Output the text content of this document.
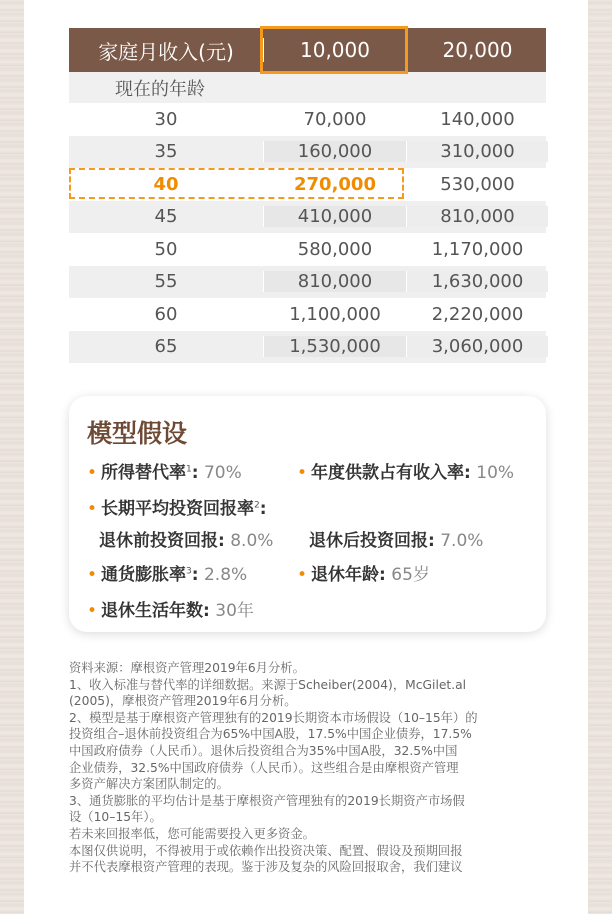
家庭月收入(元)	10,000	20,000
现在的年龄
30	70,000	140,000
35	160,000	310,000
40	270,000	530,000
45	410,000	810,000
50	580,000	1,170,000
55	810,000	1,630,000
60	1,100,000	2,220,000
65	1,530,000	3,060,000
模型假设
• 所得替代率$^1$: 70%	• 年度供款占有收入率: 10%
• 长期平均投资回报率$^2$:
退休前投资回报: 8.0% 退休后投资回报: 7.0%
• 通货膨胀率$^3$: 2.8%	• 退休年龄: 65岁
• 退休生活年数: 30年
资料来源：摩根资产管理2019年6月分析。
1、收入标准与替代率的详细数据。来源于Scheiber(2004)，McGilet.al
(2005)，摩根资产管理2019年6月分析。
2、模型是基于摩根资产管理独有的2019长期资本市场假设（10–15年）的
投资组合–退休前投资组合为65%中国A股，17.5%中国企业债券，17.5%
中国政府债券（人民币）。退休后投资组合为35%中国A股，32.5%中国
企业债券，32.5%中国政府债券（人民币）。这些组合是由摩根资产管理
多资产解决方案团队制定的。
3、通货膨胀的平均估计是基于摩根资产管理独有的2019长期资产市场假
设（10–15年）。
若未来回报率低，您可能需要投入更多资金。
本图仅供说明，不得被用于或依赖作出投资决策、配置、假设及预期回报
并不代表摩根资产管理的表现。鉴于涉及复杂的风险回报取舍，我们建议
